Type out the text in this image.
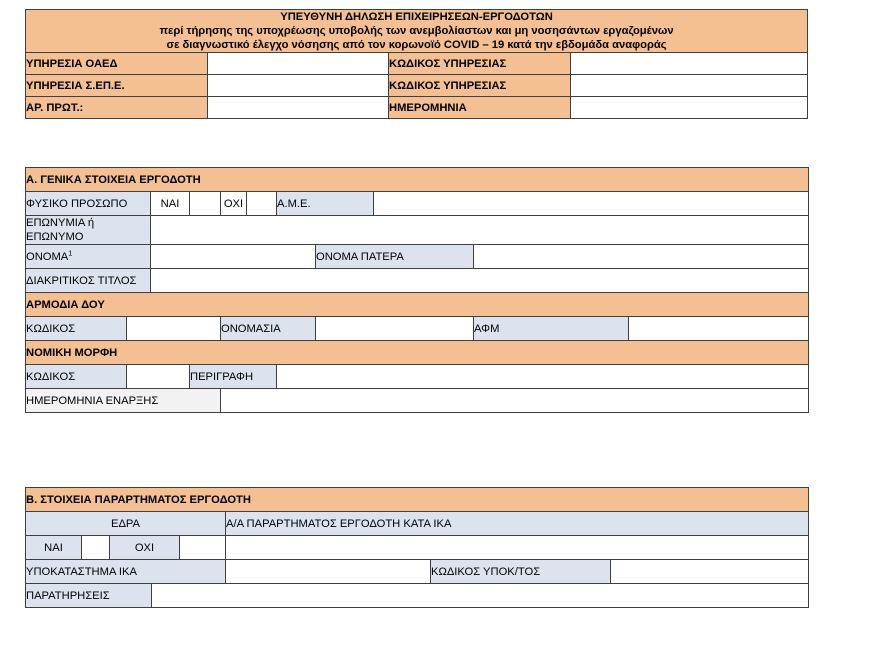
ΥΠΕΥΘΥΝΗ ΔΗΛΩΣΗ ΕΠΙΧΕΙΡΗΣΕΩΝ-ΕΡΓΟΔΟΤΩΝ
περί τήρησης της υποχρέωσης υποβολής των ανεμβολίαστων και μη νοσησάντων εργαζομένων
σε διαγνωστικό έλεγχο νόσησης από τον κορωνοϊό COVID – 19 κατά την εβδομάδα αναφοράς			

ΥΠΗΡΕΣΙΑ ΟΑΕΔ		ΚΩΔΙΚΟΣ ΥΠΗΡΕΣΙΑΣ	
ΥΠΗΡΕΣΙΑ Σ.ΕΠ.Ε.		ΚΩΔΙΚΟΣ ΥΠΗΡΕΣΙΑΣ	
ΑΡ. ΠΡΩΤ.:		ΗΜΕΡΟΜΗΝΙΑ	
Α. ΓΕΝΙΚΑ ΣΤΟΙΧΕΙΑ ΕΡΓΟΔΟΤΗ										
ΦΥΣΙΚΟ ΠΡΟΣΩΠΟ		ΝΑΙ		ΟΧΙ		Α.Μ.Ε.				
ΕΠΩΝΥΜΙΑ ή
ΕΠΩΝΥΜΟ										
ΟΝΟΜΑ$^1$							ΟΝΟΜΑ ΠΑΤΕΡΑ			
ΔΙΑΚΡΙΤΙΚΟΣ ΤΙΤΛΟΣ										
ΑΡΜΟΔΙΑ ΔΟΥ										
ΚΩΔΙΚΟΣ				ΟΝΟΜΑΣΙΑ					ΑΦΜ	
ΝΟΜΙΚΗ ΜΟΡΦΗ										
ΚΩΔΙΚΟΣ			ΠΕΡΙΓΡΑΦΗ							
ΗΜΕΡΟΜΗΝΙΑ ΕΝΑΡΞΗΣ										
Β. ΣΤΟΙΧΕΙΑ ΠΑΡΑΡΤΗΜΑΤΟΣ ΕΡΓΟΔΟΤΗ							
ΕΔΡΑ					Α/Α ΠΑΡΑΡΤΗΜΑΤΟΣ ΕΡΓΟΔΟΤΗ ΚΑΤΑ ΙΚΑ		
ΝΑΙ		ΟΧΙ					
ΥΠΟΚΑΤΑΣΤΗΜΑ ΙΚΑ						ΚΩΔΙΚΟΣ ΥΠΟΚ/ΤΟΣ	
ΠΑΡΑΤΗΡΗΣΕΙΣ							
